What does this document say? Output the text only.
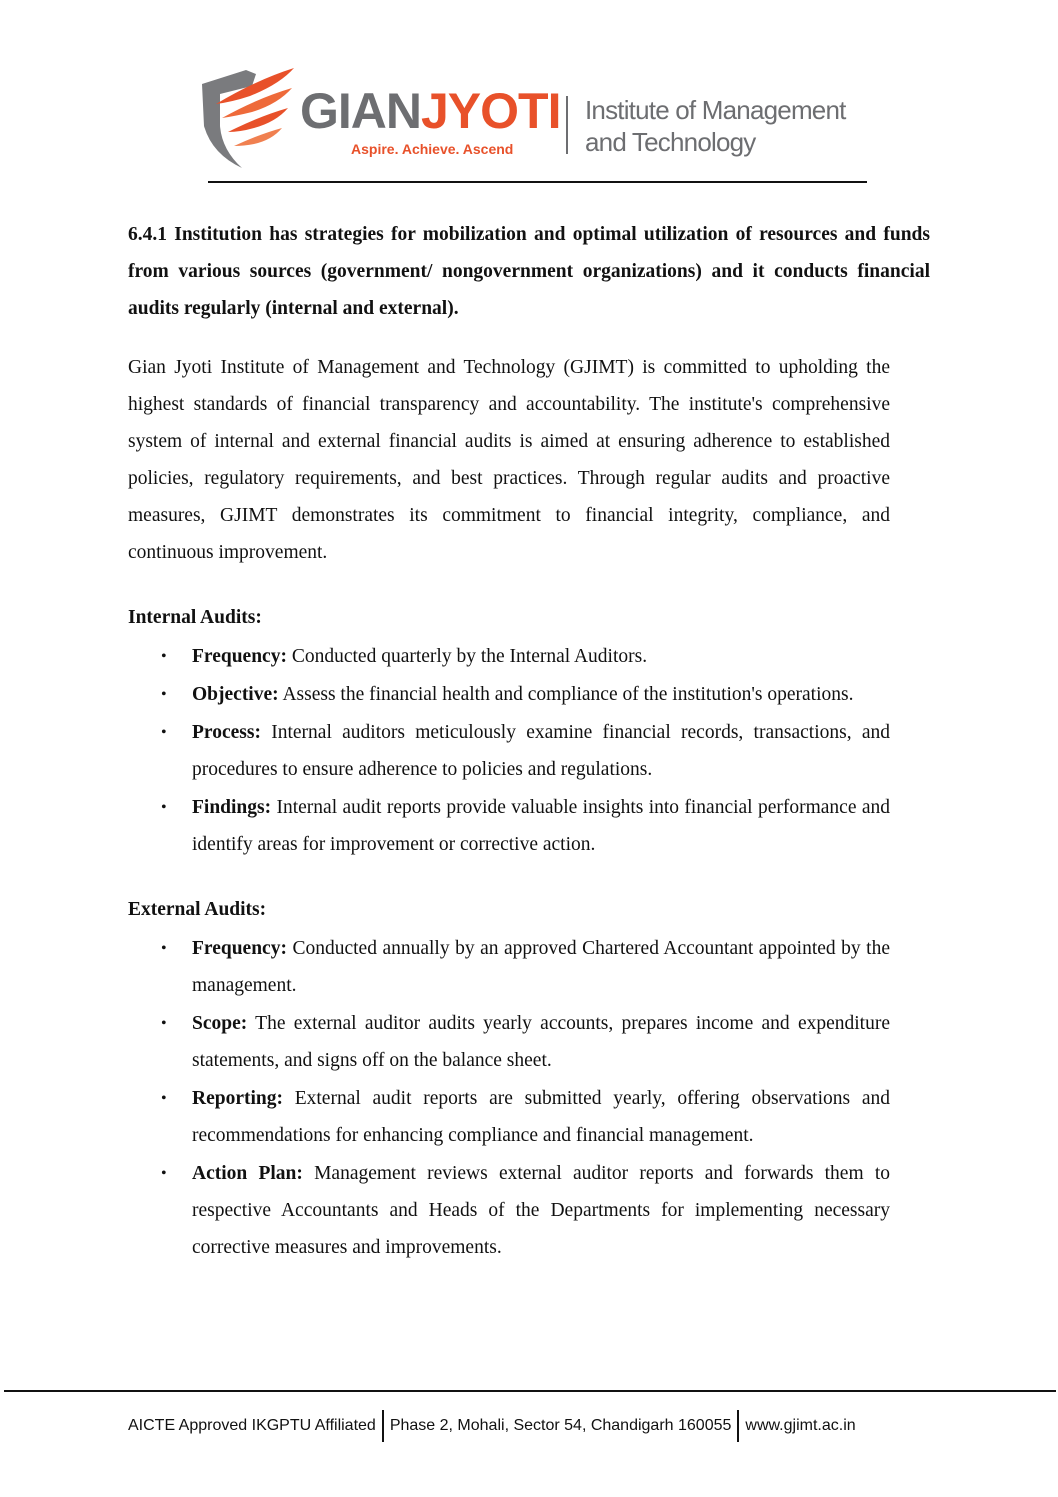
GIANJYOTI
Aspire. Achieve. Ascend
Institute of Management
and Technology

6.4.1 Institution has strategies for mobilization and optimal utilization of resources and funds from various sources (government/ nongovernment organizations) and it conducts financial audits regularly (internal and external).

Gian Jyoti Institute of Management and Technology (GJIMT) is committed to upholding the highest standards of financial transparency and accountability. The institute's comprehensive system of internal and external financial audits is aimed at ensuring adherence to established policies, regulatory requirements, and best practices. Through regular audits and proactive measures, GJIMT demonstrates its commitment to financial integrity, compliance, and continuous improvement.

Internal Audits:
• Frequency: Conducted quarterly by the Internal Auditors.
• Objective: Assess the financial health and compliance of the institution's operations.
• Process: Internal auditors meticulously examine financial records, transactions, and procedures to ensure adherence to policies and regulations.
• Findings: Internal audit reports provide valuable insights into financial performance and identify areas for improvement or corrective action.
External Audits:
• Frequency: Conducted annually by an approved Chartered Accountant appointed by the management.
• Scope: The external auditor audits yearly accounts, prepares income and expenditure statements, and signs off on the balance sheet.
• Reporting: External audit reports are submitted yearly, offering observations and recommendations for enhancing compliance and financial management.
• Action Plan: Management reviews external auditor reports and forwards them to respective Accountants and Heads of the Departments for implementing necessary corrective measures and improvements.
AICTE Approved IKGPTU Affiliated Phase 2, Mohali, Sector 54, Chandigarh 160055 www.gjimt.ac.in
